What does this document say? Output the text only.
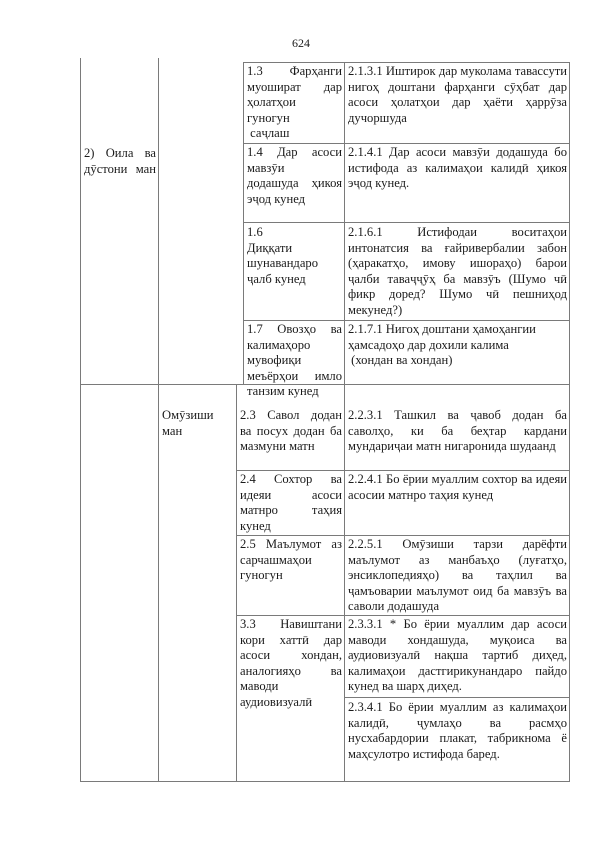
624
2) Оила ва дӯстони ман
1.3 Фарҳанги
муошират дар
ҳолатҳои
гуногун
саҷлаш
2.1.3.1 Иштирок дар муколама тавассути нигоҳ доштани фарҳанги сӯҳбат дар асоси ҳолатҳои дар ҳаёти ҳаррӯза дучоршуда
1.4 Дар асоси
мавзӯи
додашуда ҳикоя
эҷод кунед
2.1.4.1 Дар асоси мавзӯи додашуда бо истифода аз калимаҳои калидӣ ҳикоя эҷод кунед.
1.6
Диққати
шунавандаро
ҷалб кунед
2.1.6.1 Истифодаи воситаҳои интонатсия ва ғайривербалии забон (ҳаракатҳо, имову ишораҳо) барои ҷалби таваҷҷӯҳ ба мавзӯъ (Шумо чӣ фикр доред? Шумо чӣ пешниҳод мекунед?)
1.7 Овозҳо ва
калимаҳоро
мувофиқи
меъёрҳои имло
танзим кунед
2.1.7.1 Нигоҳ доштани ҳамоҳангии
ҳамсадоҳо дар дохили калима
(хондан ва хондан)
Омӯзиши ман
2.3 Савол додан
ва посух додан ба
мазмуни матн
2.2.3.1 Ташкил ва ҷавоб додан ба саволҳо, ки ба беҳтар кардани мундариҷаи матн нигаронида шудаанд
2.4 Сохтор ва
идеяи асоси
матнро таҳия
кунед
2.2.4.1 Бо ёрии муаллим сохтор ва идеяи асосии матнро таҳия кунед
2.5 Маълумот аз
сарчашмаҳои
гуногун
2.2.5.1 Омӯзиши тарзи дарёфти маълумот аз манбаъҳо (луғатҳо, энсиклопедияҳо) ва таҳлил ва ҷамъоварии маълумот оид ба мавзӯъ ва саволи додашуда
3.3 Навиштани
кори хаттӣ дар
асоси хондан,
аналогияҳо ва
маводи
аудиовизуалӣ
2.3.3.1 * Бо ёрии муаллим дар асоси маводи хондашуда, муқоиса ва аудиовизуалӣ нақша тартиб диҳед, калимаҳои дастгирикунандаро пайдо кунед ва шарҳ диҳед.
2.3.4.1 Бо ёрии муаллим аз калимаҳои калидӣ, ҷумлаҳо ва расмҳо нусхабардории плакат, табрикнома ё маҳсулотро истифода баред.
